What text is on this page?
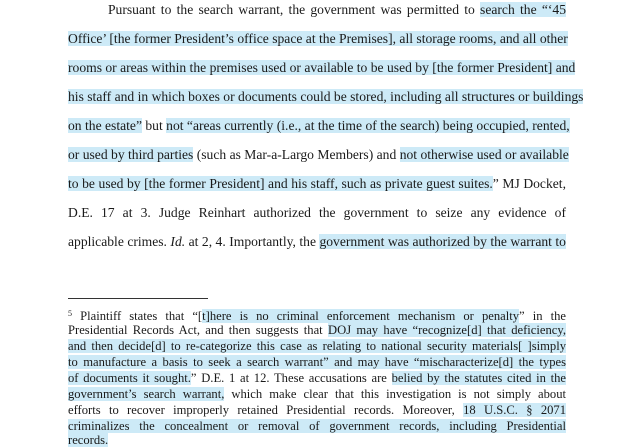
Pursuant to the search warrant, the government was permitted to search the “‘45
Office’ [the former President’s office space at the Premises], all storage rooms, and all other
rooms or areas within the premises used or available to be used by [the former President] and
his staff and in which boxes or documents could be stored, including all structures or buildings
on the estate” but not “areas currently (i.e., at the time of the search) being occupied, rented,
or used by third parties (such as Mar-a-Largo Members) and not otherwise used or available
to be used by [the former President] and his staff, such as private guest suites.” MJ Docket,
D.E. 17 at 3. Judge Reinhart authorized the government to seize any evidence of
applicable crimes. Id. at 2, 4. Importantly, the government was authorized by the warrant to
$^5$ Plaintiff states that “[t]here is no criminal enforcement mechanism or penalty” in the
Presidential Records Act, and then suggests that DOJ may have “recognize[d] that deficiency,
and then decide[d] to re-categorize this case as relating to national security materials[ ]simply
to manufacture a basis to seek a search warrant” and may have “mischaracterize[d] the types
of documents it sought.” D.E. 1 at 12. These accusations are belied by the statutes cited in the
government’s search warrant, which make clear that this investigation is not simply about
efforts to recover improperly retained Presidential records. Moreover, 18 U.S.C. § 2071
criminalizes the concealment or removal of government records, including Presidential
records.
